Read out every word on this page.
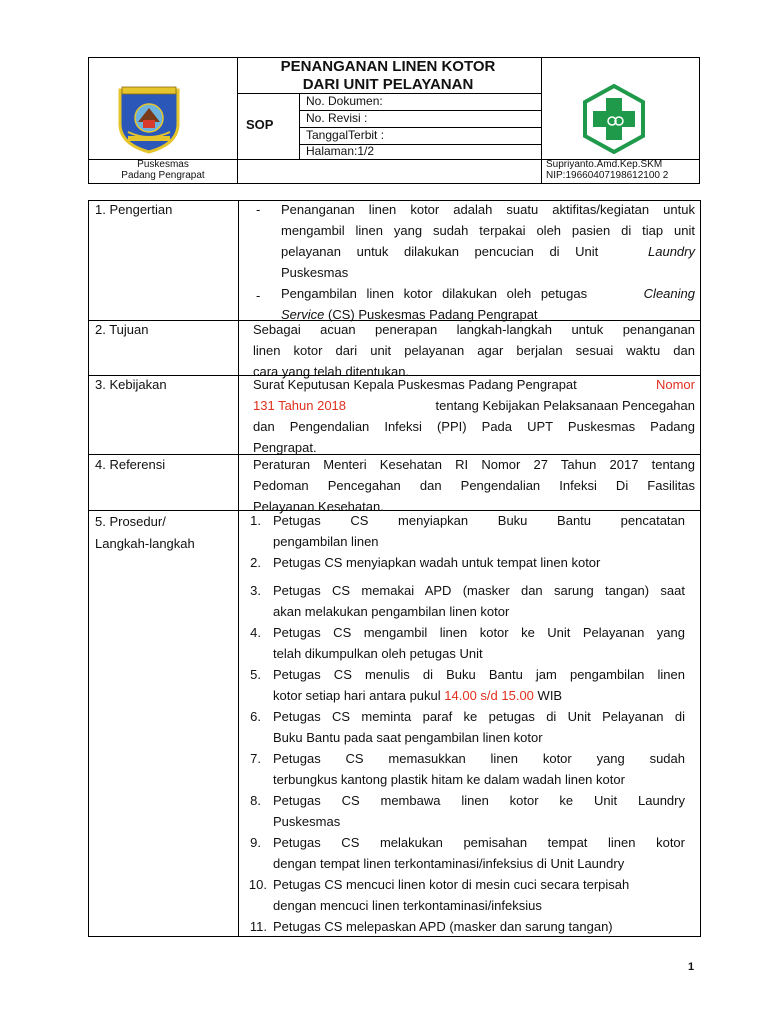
PENANGANAN LINEN KOTOR
DARI UNIT PELAYANAN
SOP
No. Dokumen:
No. Revisi :
TanggalTerbit :
Halaman:1/2
Puskesmas
Padang Pengrapat
Supriyanto.Amd.Kep.SKM
NIP:19660407198612100 2
1. Pengertian	- Penanganan linen kotor adalah suatu aktifitas/kegiatan untuk
mengambil linen yang sudah terpakai oleh pasien di tiap unit
pelayanan untuk dilakukan pencucian di Unit	Laundry
Puskesmas
- Pengambilan linen kotor dilakukan oleh petugas	Cleaning
Service (CS) Puskesmas Padang Pengrapat
2. Tujuan	Sebagai acuan penerapan langkah-langkah untuk penanganan
linen kotor dari unit pelayanan agar berjalan sesuai waktu dan
cara yang telah ditentukan.
3. Kebijakan	Surat Keputusan Kepala Puskesmas Padang Pengrapat	Nomor
131 Tahun 2018	tentang Kebijakan Pelaksanaan Pencegahan
dan Pengendalian Infeksi (PPI) Pada UPT Puskesmas Padang
Pengrapat.
4. Referensi	Peraturan Menteri Kesehatan RI Nomor 27 Tahun 2017 tentang
Pedoman Pencegahan dan Pengendalian Infeksi Di Fasilitas
Pelayanan Kesehatan.
5. Prosedur/
Langkah-langkah
1. Petugas CS menyiapkan Buku Bantu pencatatan
pengambilan linen
2. Petugas CS menyiapkan wadah untuk tempat linen kotor
3. Petugas CS memakai APD (masker dan sarung tangan) saat
akan melakukan pengambilan linen kotor
4. Petugas CS mengambil linen kotor ke Unit Pelayanan yang
telah dikumpulkan oleh petugas Unit
5. Petugas CS menulis di Buku Bantu jam pengambilan linen
kotor setiap hari antara pukul 14.00 s/d 15.00 WIB
6. Petugas CS meminta paraf ke petugas di Unit Pelayanan di
Buku Bantu pada saat pengambilan linen kotor
7. Petugas CS memasukkan linen kotor yang sudah
terbungkus kantong plastik hitam ke dalam wadah linen kotor
8. Petugas CS membawa linen kotor ke Unit Laundry
Puskesmas
9. Petugas CS melakukan pemisahan tempat linen kotor
dengan tempat linen terkontaminasi/infeksius di Unit Laundry
10. Petugas CS mencuci linen kotor di mesin cuci secara terpisah
dengan mencuci linen terkontaminasi/infeksius
11. Petugas CS melepaskan APD (masker dan sarung tangan)
1
